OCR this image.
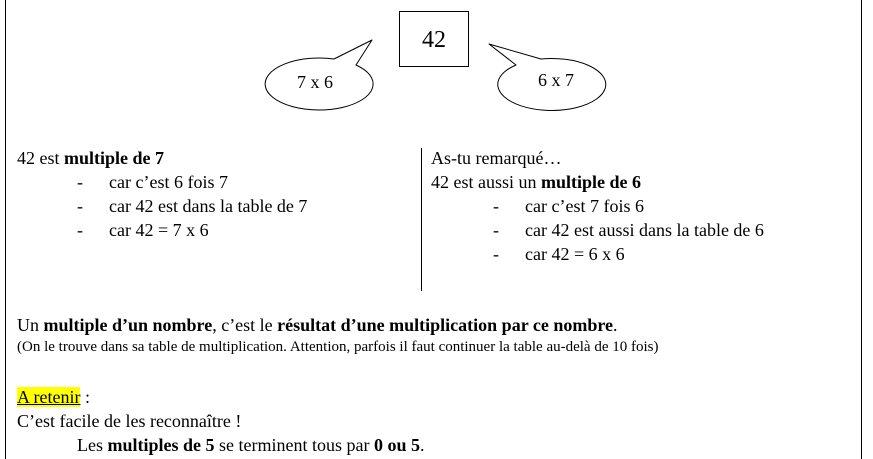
42
7 x 6	6 x 7
42 est multiple de 7
-	car c’est 6 fois 7
-	car 42 est dans la table de 7
-	car 42 = 7 x 6
As-tu remarqué…
42 est aussi un multiple de 6
-	car c’est 7 fois 6
-	car 42 est aussi dans la table de 6
-	car 42 = 6 x 6
Un multiple d’un nombre, c’est le résultat d’une multiplication par ce nombre.
(On le trouve dans sa table de multiplication. Attention, parfois il faut continuer la table au-delà de 10 fois)
A retenir :
C’est facile de les reconnaître !
Les multiples de 5 se terminent tous par 0 ou 5.
